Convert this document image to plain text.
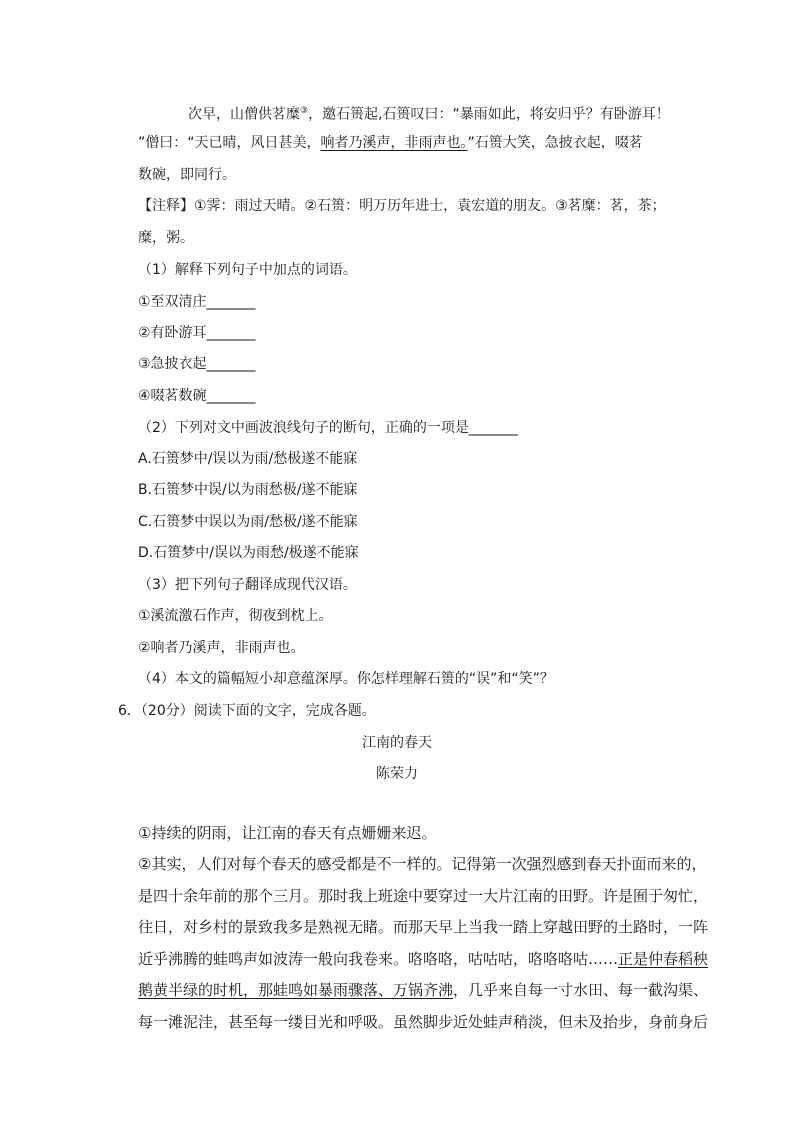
次早，山僧供茗糜③，邀石篑起,石篑叹曰：“暴雨如此，将安归乎？有卧游耳！
”僧曰：“天已晴，风日甚美，响者乃溪声，非雨声也。”石篑大笑，急披衣起，啜茗
数碗，即同行。
【注释】①霁：雨过天晴。②石篑：明万历年进士，袁宏道的朋友。③茗糜：茗，茶；
糜，粥。
（1）解释下列句子中加点的词语。
①至双清庄_______
②有卧游耳_______
③急披衣起_______
④啜茗数碗_______
（2）下列对文中画波浪线句子的断句，正确的一项是_______
A.石篑梦中/误以为雨/愁极遂不能寐
B.石篑梦中误/以为雨愁极/遂不能寐
C.石篑梦中误以为雨/愁极/遂不能寐
D.石篑梦中/误以为雨愁/极遂不能寐
（3）把下列句子翻译成现代汉语。
①溪流激石作声，彻夜到枕上。
②响者乃溪声，非雨声也。
（4）本文的篇幅短小却意蕴深厚。你怎样理解石篑的“误”和“笑”？
6．（20分）阅读下面的文字，完成各题。
江南的春天
陈荣力
①持续的阴雨，让江南的春天有点姗姗来迟。
②其实，人们对每个春天的感受都是不一样的。记得第一次强烈感到春天扑面而来的，
是四十余年前的那个三月。那时我上班途中要穿过一大片江南的田野。许是囿于匆忙，
往日，对乡村的景致我多是熟视无睹。而那天早上当我一踏上穿越田野的土路时，一阵
近乎沸腾的蛙鸣声如波涛一般向我卷来。咯咯咯，咕咕咕，咯咯咯咕……正是仲春稻秧
鹅黄半绿的时机，那蛙鸣如暴雨骤落、万锅齐沸，几乎来自每一寸水田、每一截沟渠、
每一滩泥洼，甚至每一缕目光和呼吸。虽然脚步近处蛙声稍淡，但未及抬步，身前身后
